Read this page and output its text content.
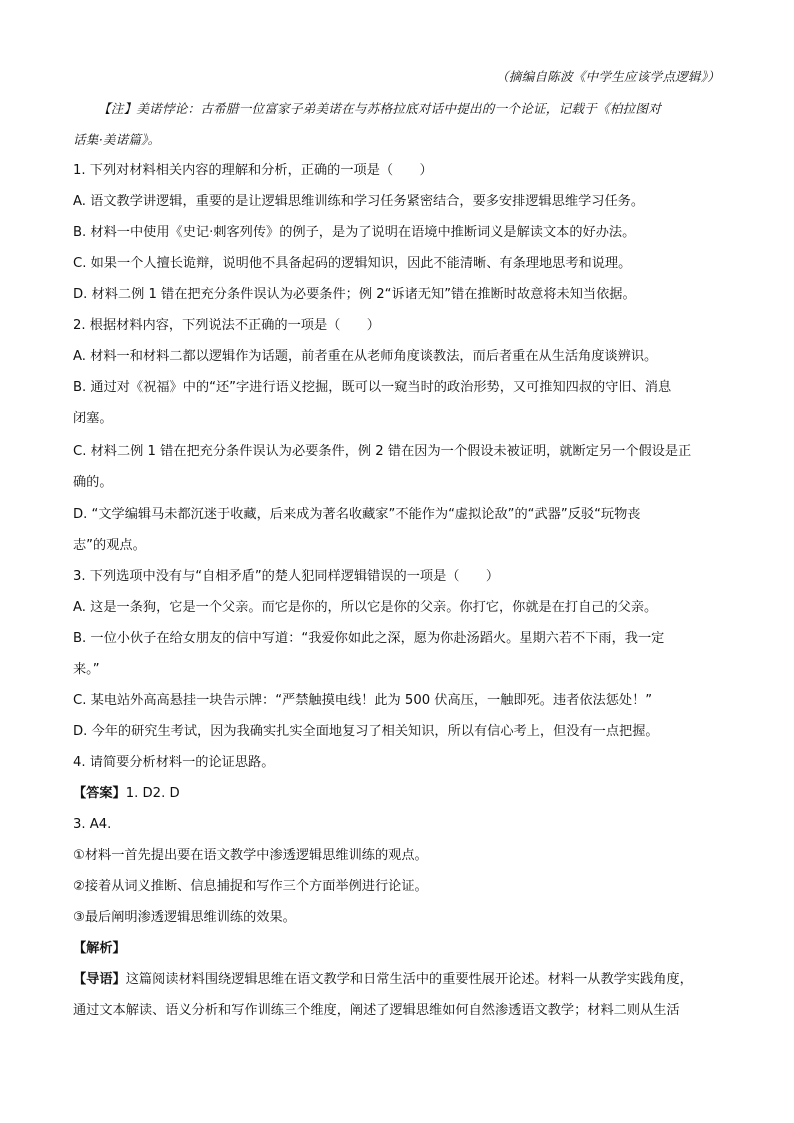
（摘编自陈波《中学生应该学点逻辑》）
【注】美诺悖论：古希腊一位富家子弟美诺在与苏格拉底对话中提出的一个论证，记载于《柏拉图对
话集·美诺篇》。
1. 下列对材料相关内容的理解和分析，正确的一项是（　　）
A. 语文教学讲逻辑，重要的是让逻辑思维训练和学习任务紧密结合，要多安排逻辑思维学习任务。
B. 材料一中使用《史记·刺客列传》的例子，是为了说明在语境中推断词义是解读文本的好办法。
C. 如果一个人擅长诡辩，说明他不具备起码的逻辑知识，因此不能清晰、有条理地思考和说理。
D. 材料二例 1 错在把充分条件误认为必要条件；例 2“诉诸无知”错在推断时故意将未知当依据。
2. 根据材料内容，下列说法不正确的一项是（　　）
A. 材料一和材料二都以逻辑作为话题，前者重在从老师角度谈教法，而后者重在从生活角度谈辨识。
B. 通过对《祝福》中的“还”字进行语义挖掘，既可以一窥当时的政治形势，又可推知四叔的守旧、消息
闭塞。
C. 材料二例 1 错在把充分条件误认为必要条件，例 2 错在因为一个假设未被证明，就断定另一个假设是正
确的。
D. “文学编辑马未都沉迷于收藏，后来成为著名收藏家”不能作为“虚拟论敌”的“武器”反驳“玩物丧
志”的观点。
3. 下列选项中没有与“自相矛盾”的楚人犯同样逻辑错误的一项是（　　）
A. 这是一条狗，它是一个父亲。而它是你的，所以它是你的父亲。你打它，你就是在打自己的父亲。
B. 一位小伙子在给女朋友的信中写道：“我爱你如此之深，愿为你赴汤蹈火。星期六若不下雨，我一定
来。”
C. 某电站外高高悬挂一块告示牌：“严禁触摸电线！此为 500 伏高压，一触即死。违者依法惩处！”
D. 今年的研究生考试，因为我确实扎实全面地复习了相关知识，所以有信心考上，但没有一点把握。
4. 请简要分析材料一的论证思路。
【答案】1. D2. D
3. A4.
①材料一首先提出要在语文教学中渗透逻辑思维训练的观点。
②接着从词义推断、信息捕捉和写作三个方面举例进行论证。
③最后阐明渗透逻辑思维训练的效果。
【解析】
【导语】这篇阅读材料围绕逻辑思维在语文教学和日常生活中的重要性展开论述。材料一从教学实践角度，
通过文本解读、语义分析和写作训练三个维度，阐述了逻辑思维如何自然渗透语文教学；材料二则从生活
